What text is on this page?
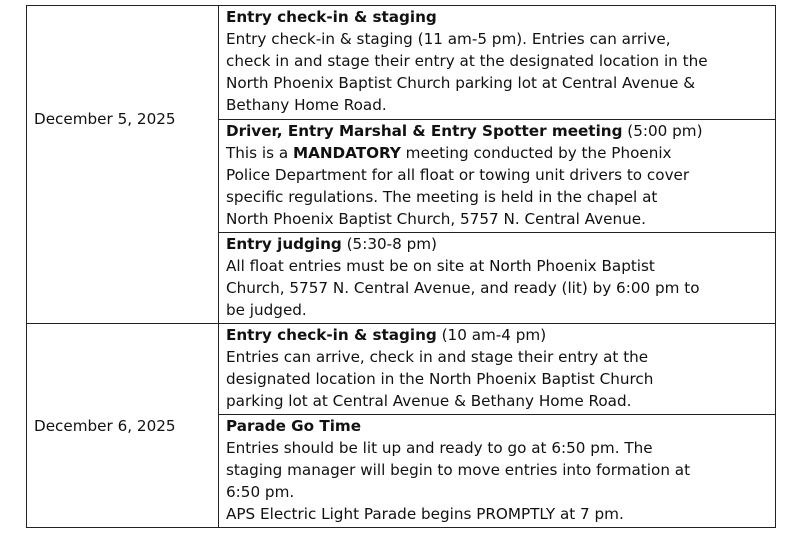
December 5, 2025
December 6, 2025
Entry check-in & staging
Entry check-in & staging (11 am-5 pm). Entries can arrive,
check in and stage their entry at the designated location in the
North Phoenix Baptist Church parking lot at Central Avenue &
Bethany Home Road.
Driver, Entry Marshal & Entry Spotter meeting (5:00 pm)
This is a MANDATORY meeting conducted by the Phoenix
Police Department for all float or towing unit drivers to cover
specific regulations. The meeting is held in the chapel at
North Phoenix Baptist Church, 5757 N. Central Avenue.
Entry judging (5:30-8 pm)
All float entries must be on site at North Phoenix Baptist
Church, 5757 N. Central Avenue, and ready (lit) by 6:00 pm to
be judged.
Entry check-in & staging (10 am-4 pm)
Entries can arrive, check in and stage their entry at the
designated location in the North Phoenix Baptist Church
parking lot at Central Avenue & Bethany Home Road.
Parade Go Time
Entries should be lit up and ready to go at 6:50 pm. The
staging manager will begin to move entries into formation at
6:50 pm.
APS Electric Light Parade begins PROMPTLY at 7 pm.
